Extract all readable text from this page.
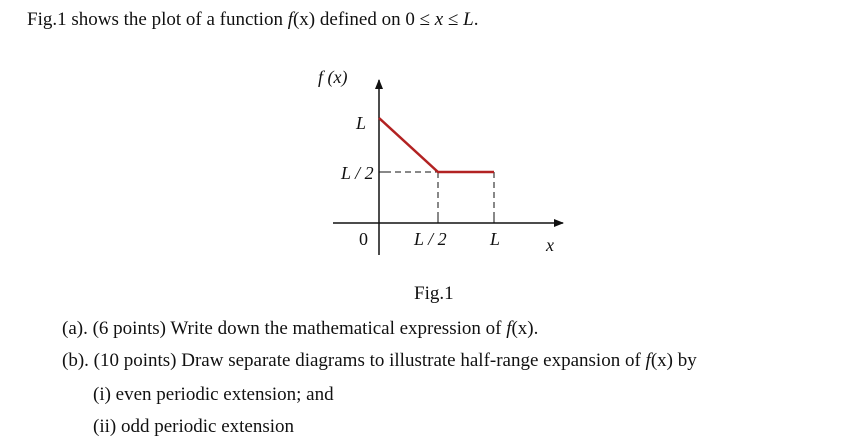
Fig.1 shows the plot of a function f(x) defined on 0 ≤ x ≤ L.
f (x)
L
L / 2
0	L / 2 L	x
Fig.1
(a). (6 points) Write down the mathematical expression of f(x).
(b). (10 points) Draw separate diagrams to illustrate half-range expansion of f(x) by
(i) even periodic extension; and
(ii) odd periodic extension
